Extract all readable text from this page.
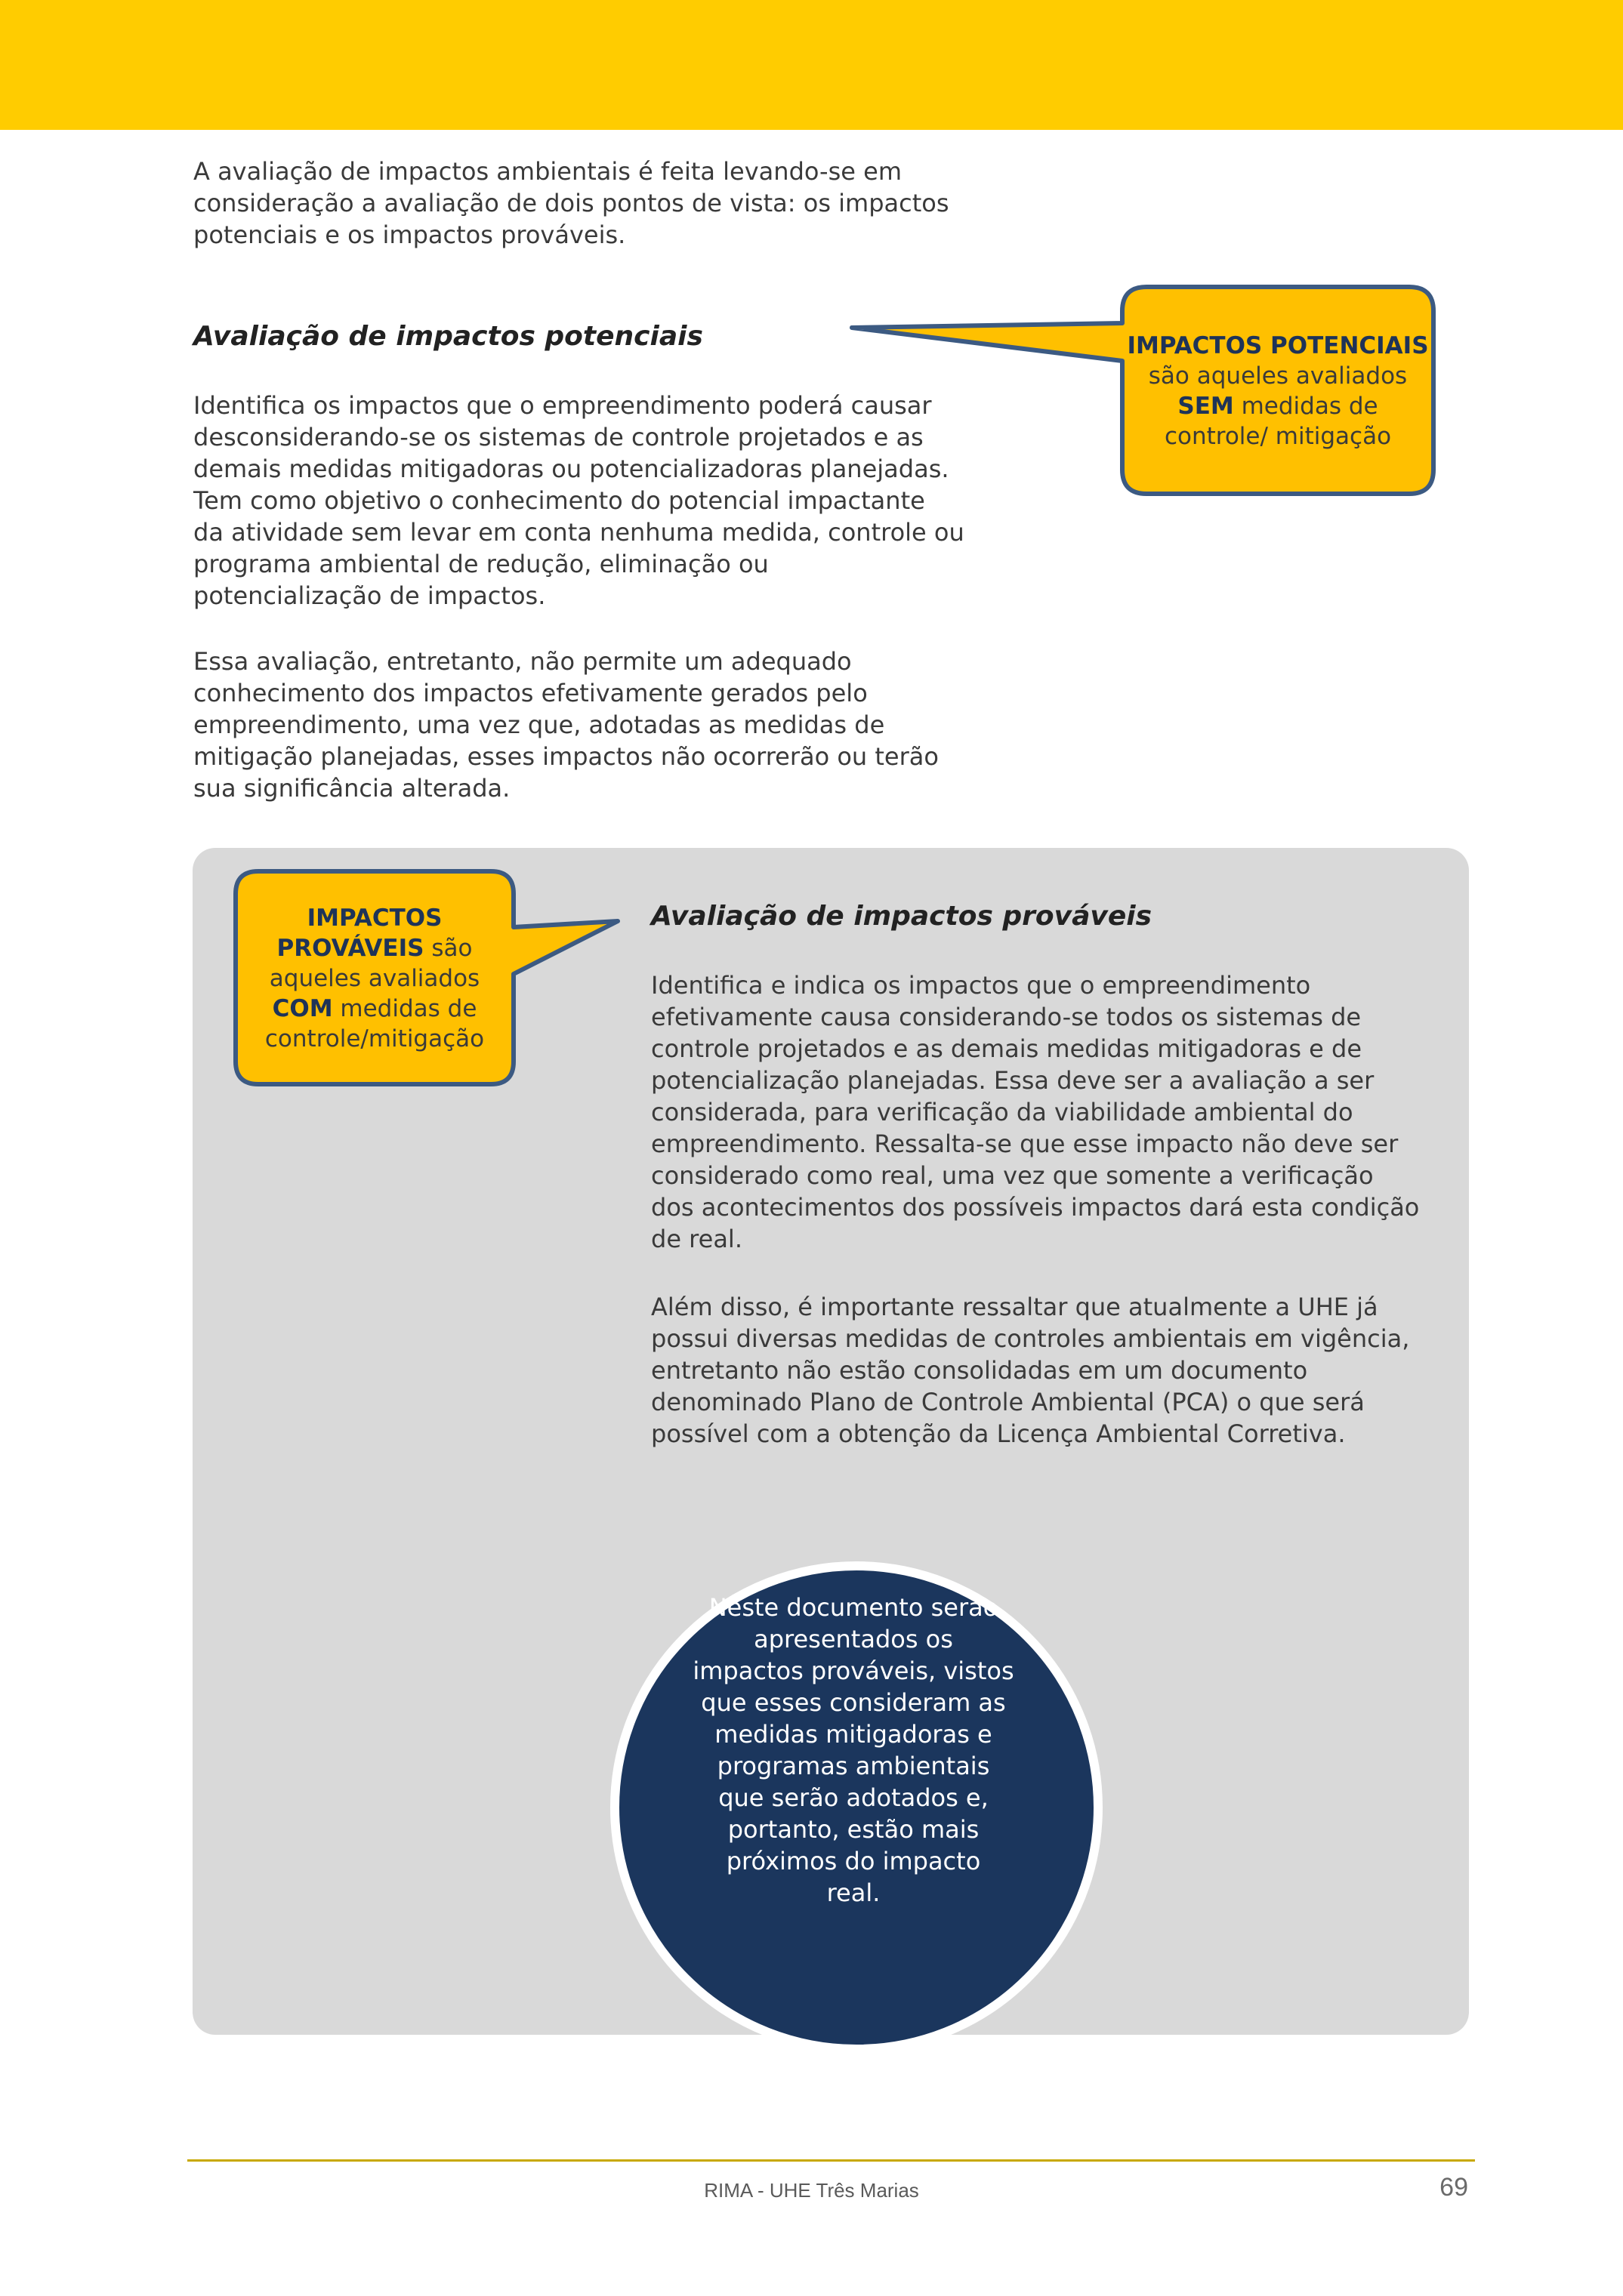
A avaliação de impactos ambientais é feita levando-se em
consideração a avaliação de dois pontos de vista: os impactos
potenciais e os impactos prováveis.
Avaliação de impactos potenciais
Identifica os impactos que o empreendimento poderá causar
desconsiderando-se os sistemas de controle projetados e as
demais medidas mitigadoras ou potencializadoras planejadas.
Tem como objetivo o conhecimento do potencial impactante
da atividade sem levar em conta nenhuma medida, controle ou
programa ambiental de redução, eliminação ou
potencialização de impactos.
Essa avaliação, entretanto, não permite um adequado
conhecimento dos impactos efetivamente gerados pelo
empreendimento, uma vez que, adotadas as medidas de
mitigação planejadas, esses impactos não ocorrerão ou terão
sua significância alterada.
IMPACTOS POTENCIAIS
são aqueles avaliados
SEM medidas de
controle/ mitigação
IMPACTOS
PROVÁVEIS são
aqueles avaliados
COM medidas de
controle/mitigação
Avaliação de impactos prováveis
Identifica e indica os impactos que o empreendimento
efetivamente causa considerando-se todos os sistemas de
controle projetados e as demais medidas mitigadoras e de
potencialização planejadas. Essa deve ser a avaliação a ser
considerada, para verificação da viabilidade ambiental do
empreendimento. Ressalta-se que esse impacto não deve ser
considerado como real, uma vez que somente a verificação
dos acontecimentos dos possíveis impactos dará esta condição
de real.
Além disso, é importante ressaltar que atualmente a UHE já
possui diversas medidas de controles ambientais em vigência,
entretanto não estão consolidadas em um documento
denominado Plano de Controle Ambiental (PCA) o que será
possível com a obtenção da Licença Ambiental Corretiva.
Neste documento serão
apresentados os
impactos prováveis, vistos
que esses consideram as
medidas mitigadoras e
programas ambientais
que serão adotados e,
portanto, estão mais
próximos do impacto
real.
RIMA - UHE Três Marias	69
